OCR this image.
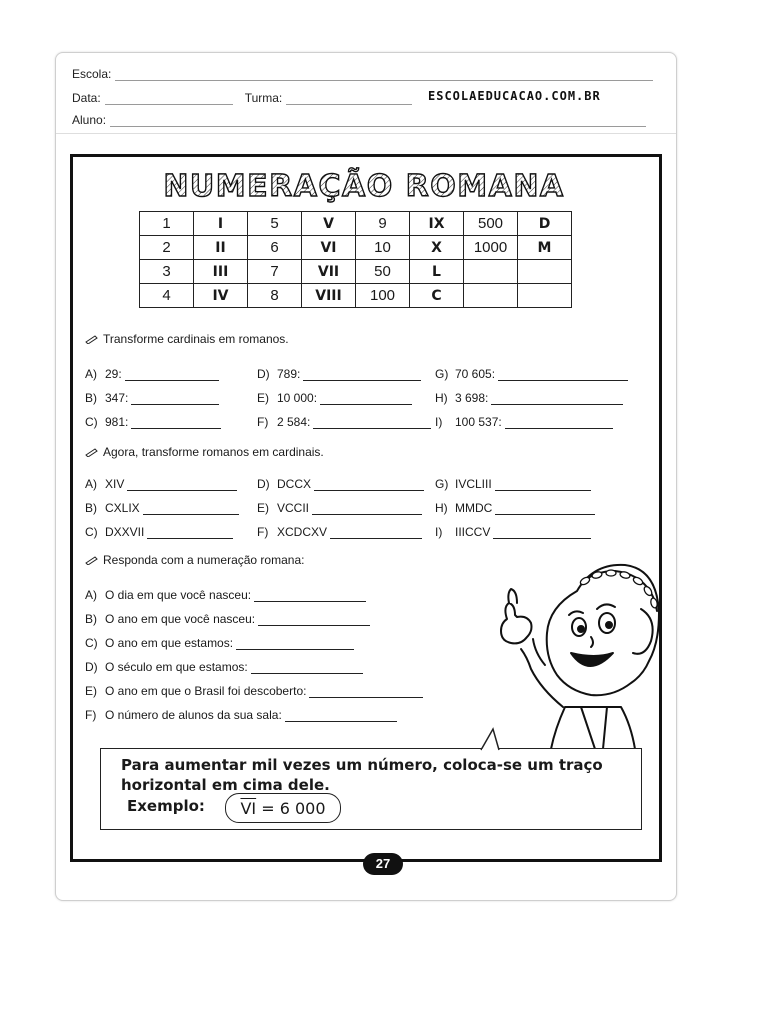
Escola:
Data:	Turma:	ESCOLAEDUCACAO.COM.BR
Aluno:
NUMERAÇÃO ROMANA
1	I	5	V	9	IX	500	D
2	II	6	VI	10	X	1000	M
3	III	7	VII	50	L		
4	IV	8	VIII	100	C		
Transforme cardinais em romanos.
A) 29:
B) 347:
C) 981:
D) 789:
E) 10 000:
F) 2 584:
G) 70 605:
H) 3 698:
I)	100 537:
Agora, transforme romanos em cardinais.
A) XIV
B) CXLIX
C) DXXVII
D) DCCX
E) VCCII
F) XCDCXV
G) IVCLIII
H) MMDC
I)	IIICCV
Responda com a numeração romana:
A) O dia em que você nasceu:
B) O ano em que você nasceu:
C) O ano em que estamos:
D) O século em que estamos:
E) O ano em que o Brasil foi descoberto:
F) O número de alunos da sua sala:
Para aumentar mil vezes um número, coloca-se um traço horizontal em cima dele.
Exemplo: $\overline{VI}$
= 6 000
27
